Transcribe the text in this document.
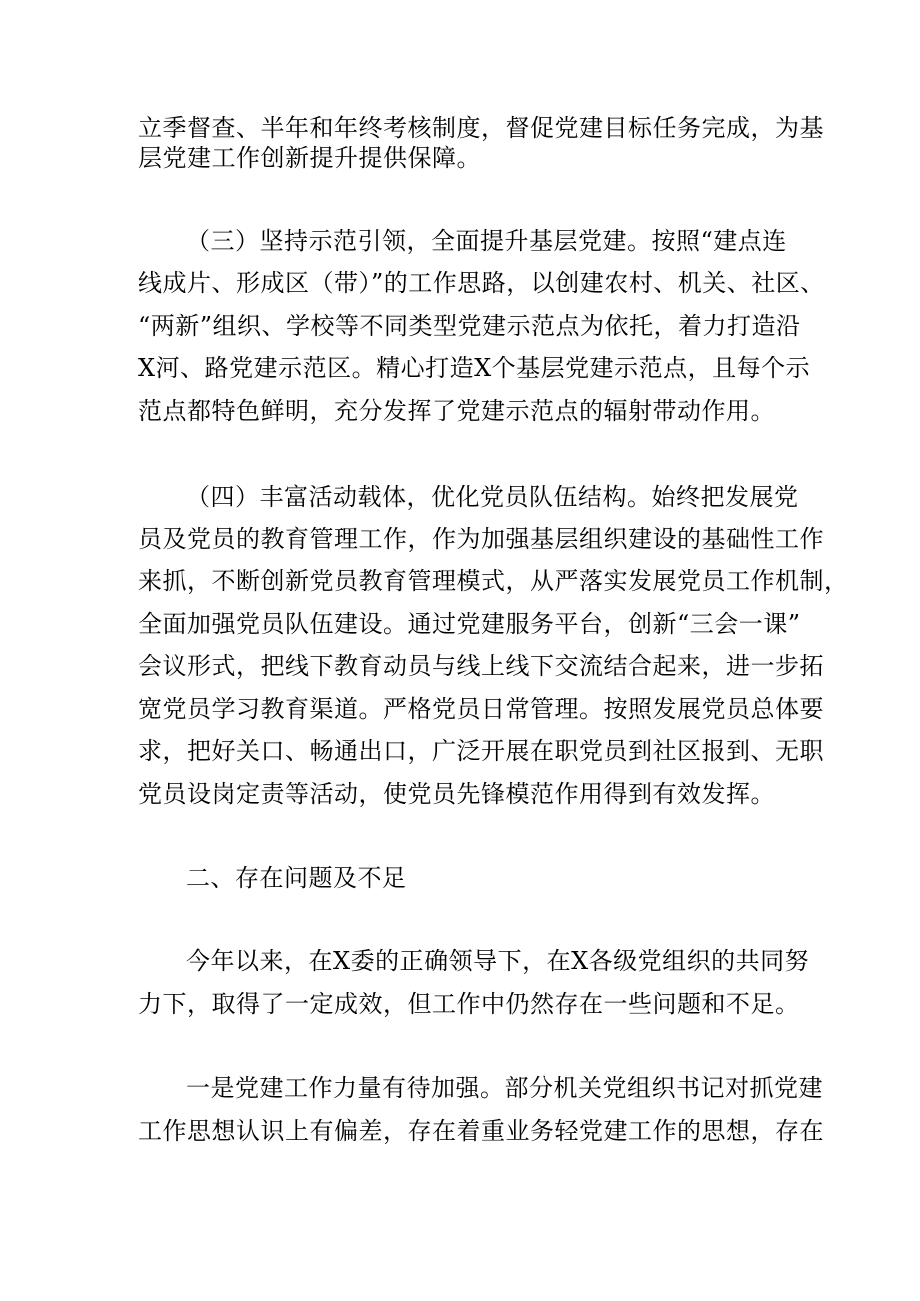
立季督查、半年和年终考核制度，督促党建目标任务完成，为基
层党建工作创新提升提供保障。
（三）坚持示范引领，全面提升基层党建。按照“建点连
线成片、形成区（带）”的工作思路，以创建农村、机关、社区、
“两新”组织、学校等不同类型党建示范点为依托，着力打造沿
X河、路党建示范区。精心打造X个基层党建示范点，且每个示
范点都特色鲜明，充分发挥了党建示范点的辐射带动作用。
（四）丰富活动载体，优化党员队伍结构。始终把发展党
员及党员的教育管理工作，作为加强基层组织建设的基础性工作
来抓，不断创新党员教育管理模式，从严落实发展党员工作机制，
全面加强党员队伍建设。通过党建服务平台，创新“三会一课”
会议形式，把线下教育动员与线上线下交流结合起来，进一步拓
宽党员学习教育渠道。严格党员日常管理。按照发展党员总体要
求，把好关口、畅通出口，广泛开展在职党员到社区报到、无职
党员设岗定责等活动，使党员先锋模范作用得到有效发挥。
二、存在问题及不足
今年以来，在X委的正确领导下，在X各级党组织的共同努
力下，取得了一定成效，但工作中仍然存在一些问题和不足。
一是党建工作力量有待加强。部分机关党组织书记对抓党建
工作思想认识上有偏差，存在着重业务轻党建工作的思想，存在
